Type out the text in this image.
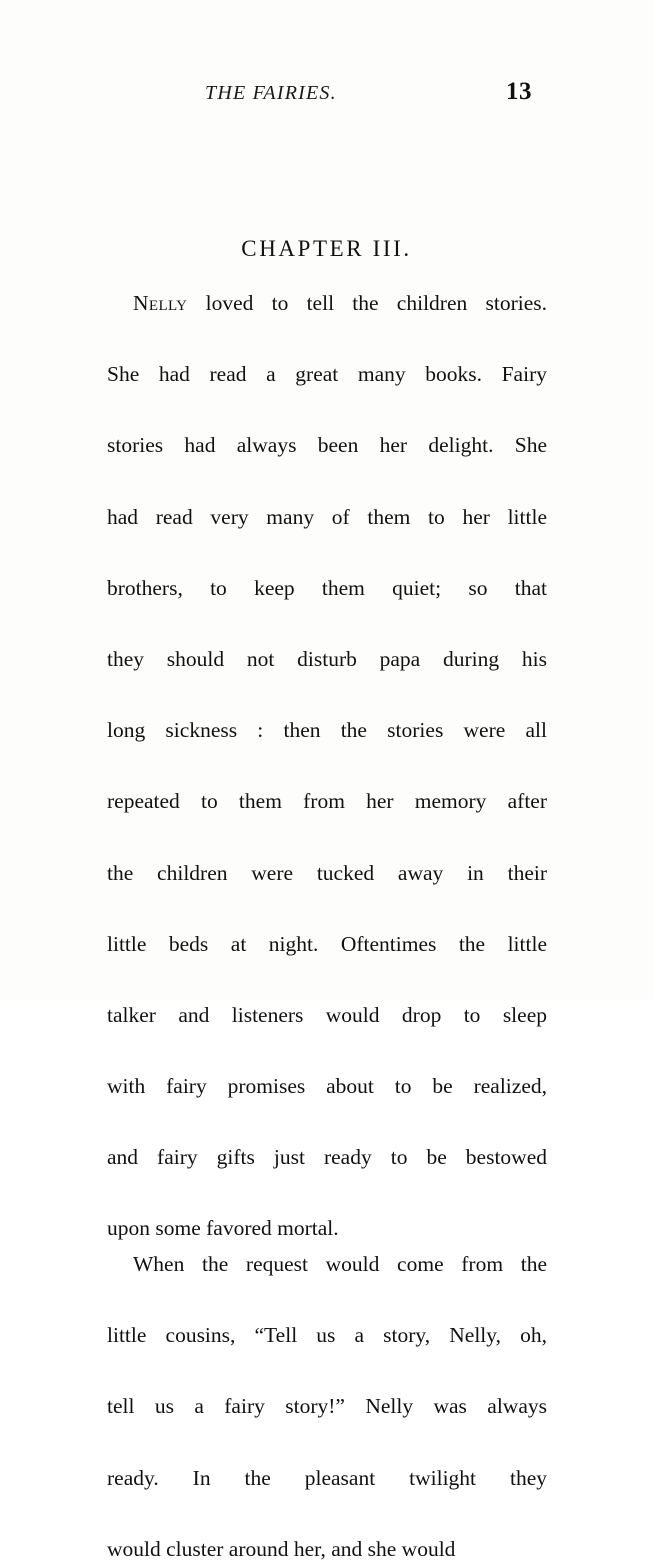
THE FAIRIES.	13
CHAPTER III.

Nelly loved to tell the children stories.
She had read a great many books. Fairy
stories had always been her delight. She
had read very many of them to her little
brothers, to keep them quiet; so that
they should not disturb papa during his
long sickness : then the stories were all
repeated to them from her memory after
the children were tucked away in their
little beds at night. Oftentimes the little
talker and listeners would drop to sleep
with fairy promises about to be realized,
and fairy gifts just ready to be bestowed
upon some favored mortal.

When the request would come from the
little cousins, “Tell us a story, Nelly, oh,
tell us a fairy story!” Nelly was always
ready. In the pleasant twilight they
would cluster around her, and she would
